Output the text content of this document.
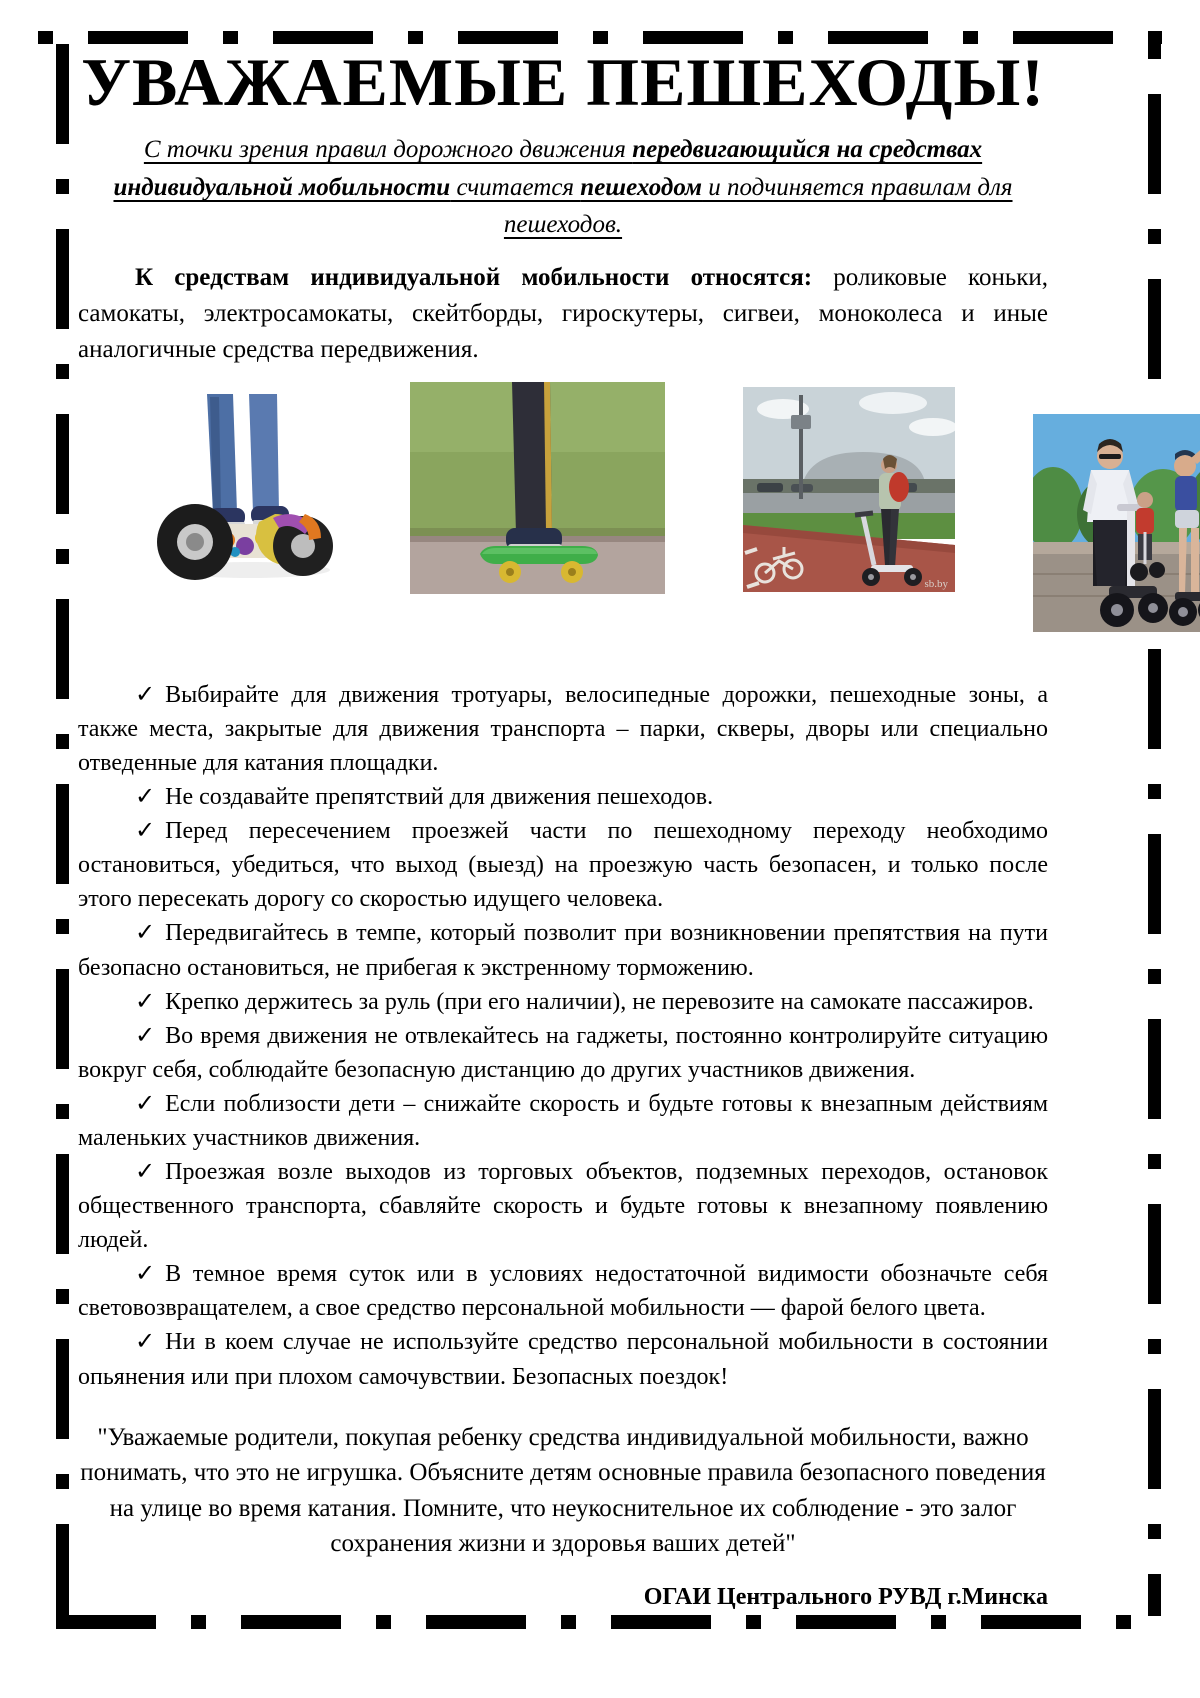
УВАЖАЕМЫЕ ПЕШЕХОДЫ!

С точки зрения правил дорожного движения передвигающийся на средствах индивидуальной мобильности считается пешеходом и подчиняется правилам для пешеходов.

К средствам индивидуальной мобильности относятся: роликовые коньки, самокаты, электросамокаты, скейтборды, гироскутеры, сигвеи, моноколеса и иные аналогичные средства передвижения.

sb.by

✓ Выбирайте для движения тротуары, велосипедные дорожки, пешеходные зоны, а также места, закрытые для движения транспорта – парки, скверы, дворы или специально отведенные для катания площадки.

✓ Не создавайте препятствий для движения пешеходов.

✓ Перед пересечением проезжей части по пешеходному переходу необходимо остановиться, убедиться, что выход (выезд) на проезжую часть безопасен, и только после этого пересекать дорогу со скоростью идущего человека.

✓ Передвигайтесь в темпе, который позволит при возникновении препятствия на пути безопасно остановиться, не прибегая к экстренному торможению.

✓ Крепко держитесь за руль (при его наличии), не перевозите на самокате пассажиров.

✓ Во время движения не отвлекайтесь на гаджеты, постоянно контролируйте ситуацию вокруг себя, соблюдайте безопасную дистанцию до других участников движения.

✓ Если поблизости дети – снижайте скорость и будьте готовы к внезапным действиям маленьких участников движения.

✓ Проезжая возле выходов из торговых объектов, подземных переходов, остановок общественного транспорта, сбавляйте скорость и будьте готовы к внезапному появлению людей.

✓ В темное время суток или в условиях недостаточной видимости обозначьте себя световозвращателем, а свое средство персональной мобильности — фарой белого цвета.

✓ Ни в коем случае не используйте средство персональной мобильности в состоянии опьянения или при плохом самочувствии. Безопасных поездок!

"Уважаемые родители, покупая ребенку средства индивидуальной мобильности, важно понимать, что это не игрушка. Объясните детям основные правила безопасного поведения на улице во время катания. Помните, что неукоснительное их соблюдение - это залог сохранения жизни и здоровья ваших детей"

ОГАИ Центрального РУВД г.Минска
